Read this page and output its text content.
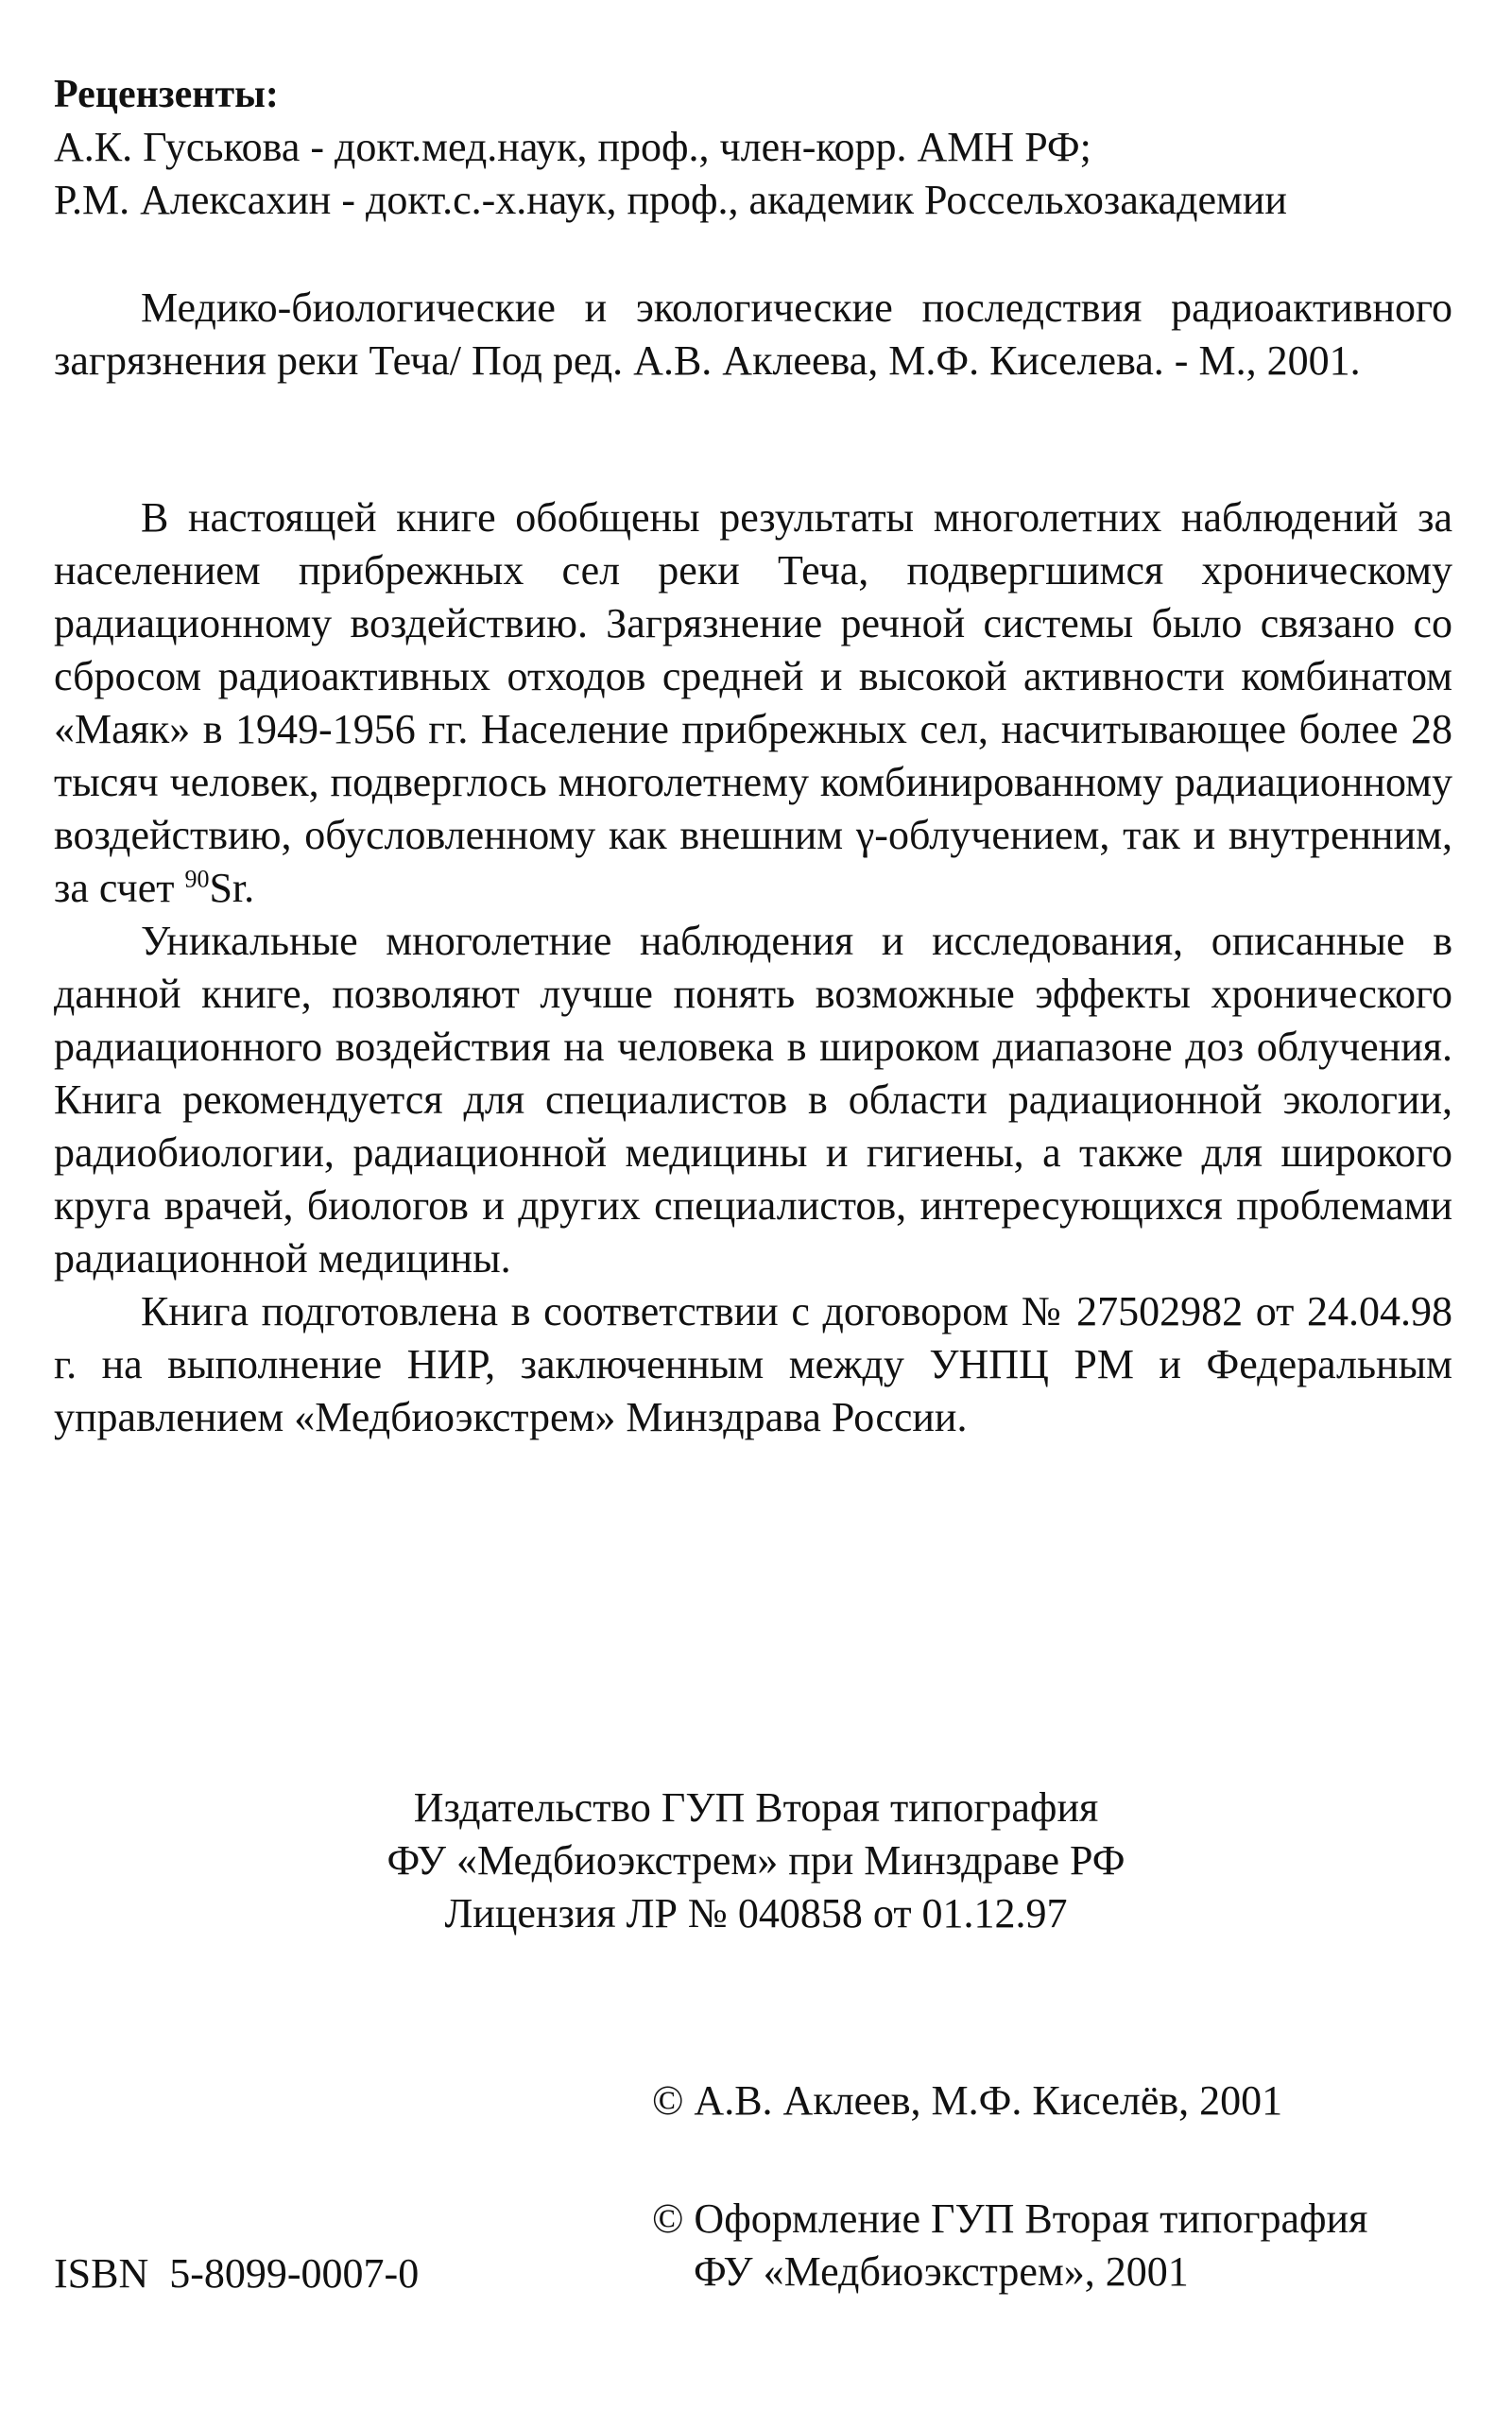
Рецензенты:
А.К. Гуськова - докт.мед.наук, проф., член-корр. АМН РФ;
Р.М. Алексахин - докт.с.-х.наук, проф., академик Россельхозакадемии
Медико-биологические и экологические последствия радиоактивного загрязнения реки Теча/ Под ред. А.В. Аклеева, М.Ф. Киселева. - М., 2001.

В настоящей книге обобщены результаты многолетних наблюдений за населением прибрежных сел реки Теча, подвергшимся хроническому радиационному воздействию. Загрязнение речной системы было связано со сбросом радиоактивных отходов средней и высокой активности комбинатом «Маяк» в 1949-1956 гг. Население прибрежных сел, насчитывающее более 28 тысяч человек, подверглось многолетнему комбинированному радиационному воздействию, обусловленному как внешним γ-облучением, так и внутренним, за счет $^{90}$Sr.

Уникальные многолетние наблюдения и исследования, описанные в данной книге, позволяют лучше понять возможные эффекты хронического радиационного воздействия на человека в широком диапазоне доз облучения. Книга рекомендуется для специалистов в области радиационной экологии, радиобиологии, радиационной медицины и гигиены, а также для широкого круга врачей, биологов и других специалистов, интересующихся проблемами радиационной медицины.

Книга подготовлена в соответствии с договором № 27502982 от 24.04.98 г. на выполнение НИР, заключенным между УНПЦ РМ и Федеральным управлением «Медбиоэкстрем» Минздрава России.

Издательство ГУП Вторая типография
ФУ «Медбиоэкстрем» при Минздраве РФ
Лицензия ЛР № 040858 от 01.12.97
© А.В. Аклеев, М.Ф. Киселёв, 2001
© Оформление ГУП Вторая типография
ФУ «Медбиоэкстрем», 2001
ISBN  5-8099-0007-0
